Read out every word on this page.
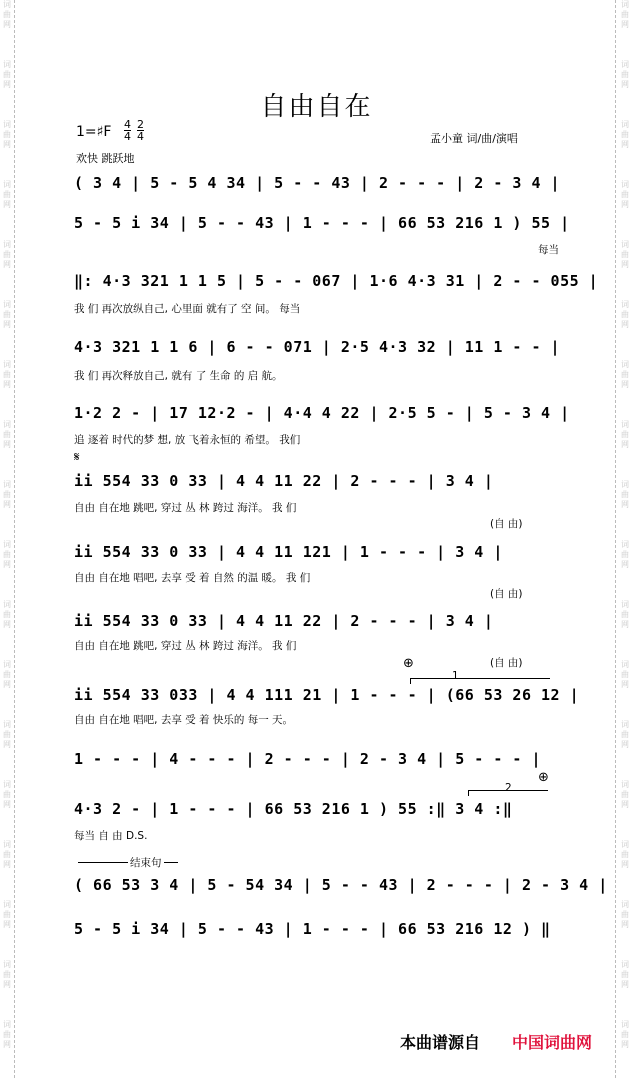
词
曲
网
词
曲
网
词
曲
网
词
曲
网
词
曲
网
词
曲
网
词
曲
网
词
曲
网
词
曲
网
词
曲
网
词
曲
网
词
曲
网
词
曲
网
词
曲
网
词
曲
网
词
曲
网
词
曲
网
词
曲
网
词
曲
网
词
曲
网
词
曲
网
词
曲
网
词
曲
网
词
曲
网
词
曲
网
词
曲
网
词
曲
网
词
曲
网
词
曲
网
词
曲
网
词
曲
网
词
曲
网
词
曲
网
词
曲
网
词
曲
网
词
曲
网
自由自在
1=♯F 4
4
2
4
欢快 跳跃地
孟小童 词/曲/演唱
( 3 4 | 5 - 5 4 34 | 5 - - 43 | 2 - - - | 2 - 3 4 |
5 - 5 i 34 | 5 - - 43 | 1 - - - | 66 53 216 1 ) 55 |
每当
‖: 4·3 321 1 1 5 | 5 - - 067 | 1·6 4·3 31 | 2 - - 055 |
我 们 再次放纵自己, 心里面 就有了 空 间。 每当
4·3 321 1 1 6 | 6 - - 071 | 2·5 4·3 32 | 11 1 - - |
我 们 再次释放自己, 就有 了 生命 的 启 航。
1·2 2 - | 17 12·2 - | 4·4 4 22 | 2·5 5 - | 5 - 3 4 |
追 逐着 时代的梦 想, 放 飞着永恒的 希望。 我们
𝄋
ii 554 33 0 33 | 4 4 11 22 | 2 - - - | 3 4 |
自由 自在地 跳吧, 穿过 丛 林 跨过 海洋。 我 们
(自 由)
ii 554 33 0 33 | 4 4 11 121 | 1 - - - | 3 4 |
自由 自在地 唱吧, 去享 受 着 自然 的温 暖。 我 们
(自 由)
ii 554 33 0 33 | 4 4 11 22 | 2 - - - | 3 4 |
自由 自在地 跳吧, 穿过 丛 林 跨过 海洋。 我 们
(自 由)
⊕
1
ii 554 33 033 | 4 4 111 21 | 1 - - - | (66 53 26 12 |
自由 自在地 唱吧, 去享 受 着 快乐的 每一 天。
1 - - - | 4 - - - | 2 - - - | 2 - 3 4 | 5 - - - |
⊕
2
4·3 2 - | 1 - - - | 66 53 216 1 ) 55 :‖ 3 4 :‖
每当 自 由 D.S.
结束句
( 66 53 3 4 | 5 - 54 34 | 5 - - 43 | 2 - - - | 2 - 3 4 |
5 - 5 i 34 | 5 - - 43 | 1 - - - | 66 53 216 12 ) ‖
本曲谱源自 中国词曲网
